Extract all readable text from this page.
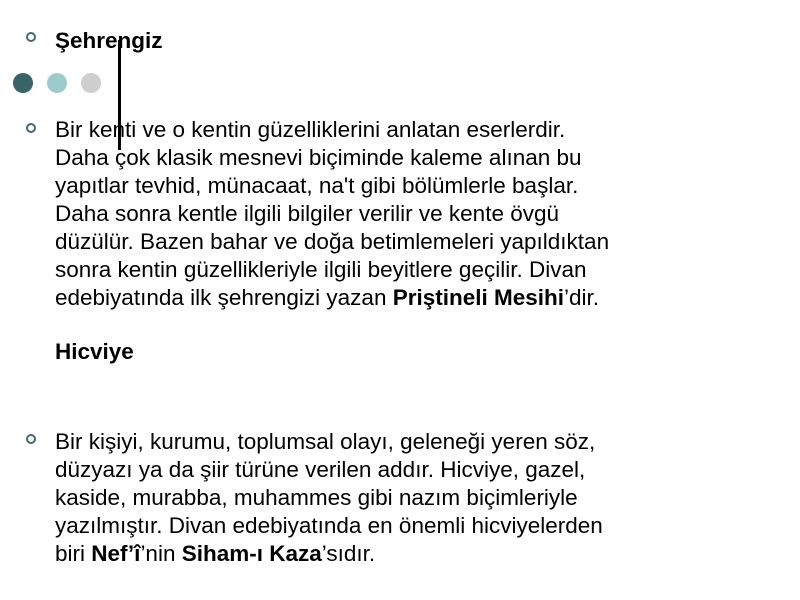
Şehrengiz
Bir kenti ve o kentin güzelliklerini anlatan eserlerdir.
Daha çok klasik mesnevi biçiminde kaleme alınan bu
yapıtlar tevhid, münacaat, na't gibi bölümlerle başlar.
Daha sonra kentle ilgili bilgiler verilir ve kente övgü
düzülür. Bazen bahar ve doğa betimlemeleri yapıldıktan
sonra kentin güzellikleriyle ilgili beyitlere geçilir. Divan
edebiyatında ilk şehrengizi yazan Priştineli Mesihi’dir.
Hicviye
Bir kişiyi, kurumu, toplumsal olayı, geleneği yeren söz,
düzyazı ya da şiir türüne verilen addır. Hicviye, gazel,
kaside, murabba, muhammes gibi nazım biçimleriyle
yazılmıştır. Divan edebiyatında en önemli hicviyelerden
biri Nef’î’nin Siham-ı Kaza’sıdır.
